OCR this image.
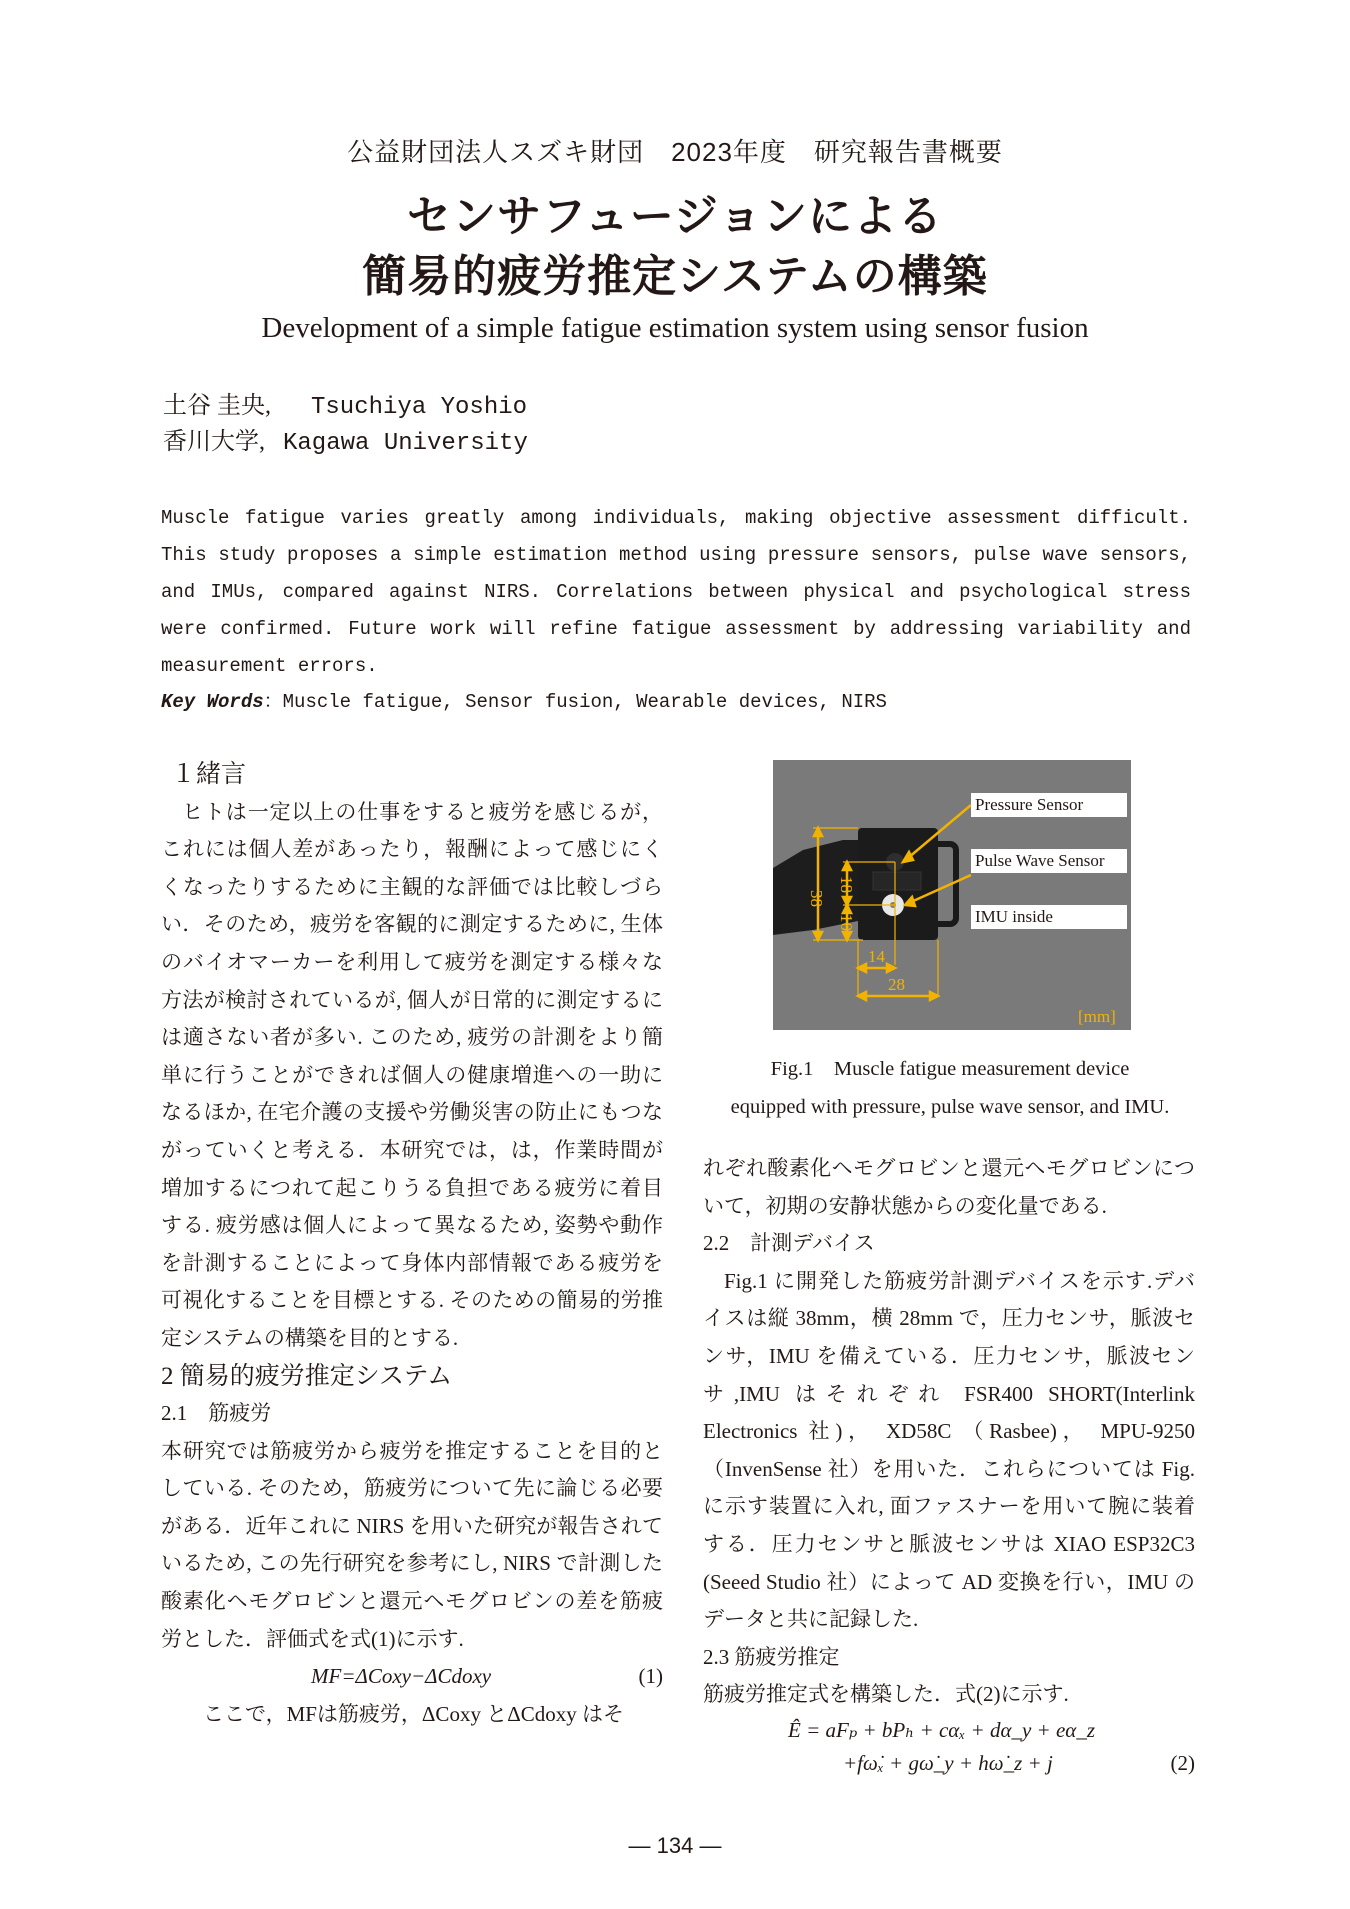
公益財団法人スズキ財団　2023年度　研究報告書概要
センサフュージョンによる
簡易的疲労推定システムの構築
Development of a simple fatigue estimation system using sensor fusion
土谷 圭央, Tsuchiya Yoshio
香川大学, Kagawa University
Muscle fatigue varies greatly among individuals, making objective assessment difficult. This study proposes a simple estimation method using pressure sensors, pulse wave sensors, and IMUs, compared against NIRS. Correlations between physical and psychological stress were confirmed. Future work will refine fatigue assessment by addressing variability and measurement errors.
Key Words：Muscle fatigue, Sensor fusion, Wearable devices, NIRS

１緒言

ヒトは一定以上の仕事をすると疲労を感じるが，これには個人差があったり，報酬によって感じにくくなったりするために主観的な評価では比較しづらい．そのため，疲労を客観的に測定するために, 生体のバイオマーカーを利用して疲労を測定する様々な方法が検討されているが, 個人が日常的に測定するには適さない者が多い. このため, 疲労の計測をより簡単に行うことができれば個人の健康増進への一助になるほか, 在宅介護の支援や労働災害の防止にもつながっていくと考える．本研究では，は，作業時間が増加するにつれて起こりうる負担である疲労に着目する. 疲労感は個人によって異なるため, 姿勢や動作を計測することによって身体内部情報である疲労を可視化することを目標とする. そのための簡易的労推定システムの構築を目的とする.

2 簡易的疲労推定システム

2.1　筋疲労

本研究では筋疲労から疲労を推定することを目的としている. そのため，筋疲労について先に論じる必要がある．近年これに NIRS を用いた研究が報告されているため, この先行研究を参考にし, NIRS で計測した酸素化ヘモグロビンと還元ヘモグロビンの差を筋疲労とした．評価式を式(1)に示す.

MF=ΔCoxy−ΔCdoxy	(1)

ここで，MFは筋疲労，ΔCoxy とΔCdoxy はそ

38
18
10
14
28
[mm]
Pressure Sensor
Pulse Wave Sensor
IMU inside
Fig.1　Muscle fatigue measurement device
equipped with pressure, pulse wave sensor, and IMU.

れぞれ酸素化ヘモグロビンと還元ヘモグロビンについて，初期の安静状態からの変化量である.

2.2　計測デバイス

Fig.1 に開発した筋疲労計測デバイスを示す.デバイスは縦 38mm，横 28mm で，圧力センサ，脈波センサ，IMU を備えている．圧力センサ，脈波センサ,IMU はそれぞれ FSR400 SHORT(Interlink Electronics 社)， XD58C （Rasbee)， MPU-9250 （InvenSense 社）を用いた．これらについては Fig. に示す装置に入れ, 面ファスナーを用いて腕に装着する．圧力センサと脈波センサは XIAO ESP32C3 (Seeed Studio 社）によって AD 変換を行い，IMU のデータと共に記録した.

2.3 筋疲労推定

筋疲労推定式を構築した．式(2)に示す.

Ê = aFₚ + bPₕ + cαₓ + dα_y + eα_z
+fω̇ₓ + gω̇_y + hω̇_z + j	(2)
— 134 —
